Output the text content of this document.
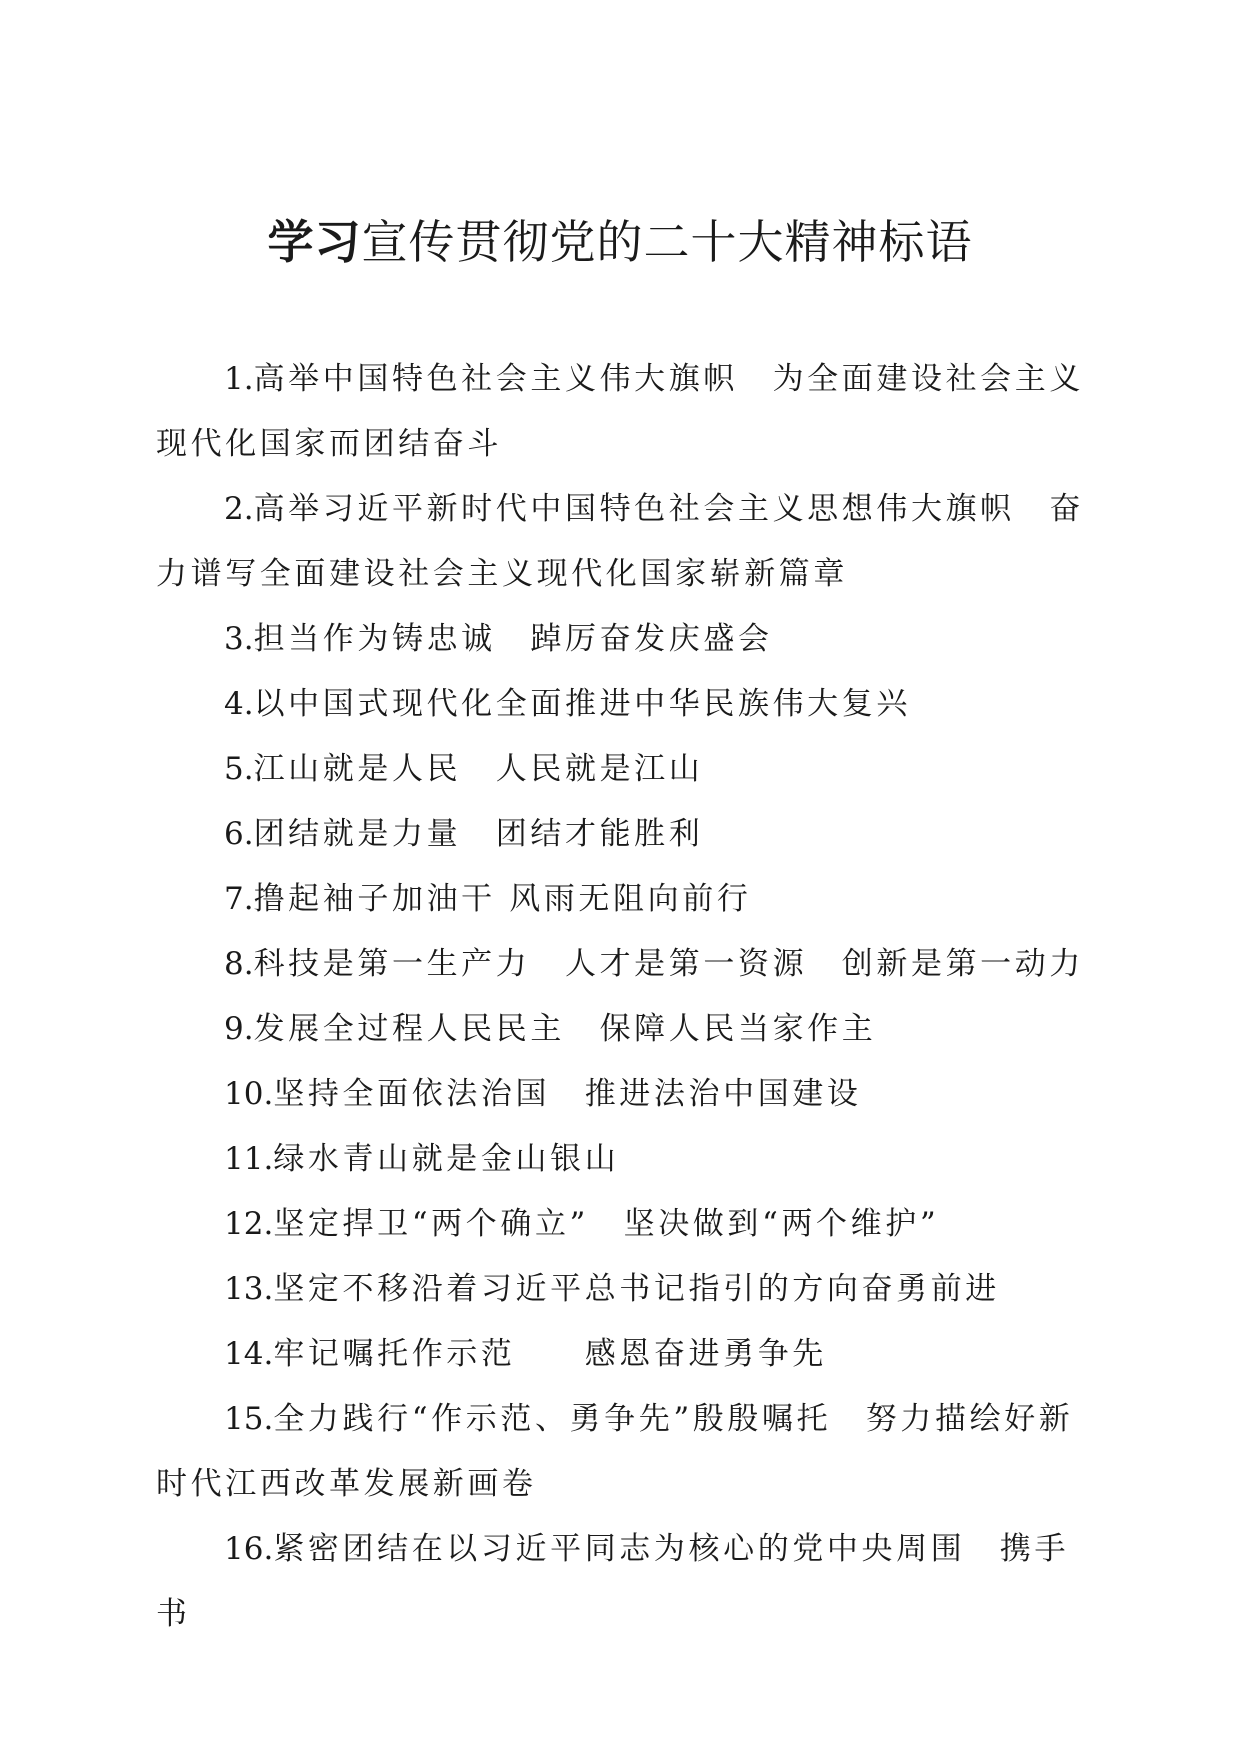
学习宣传贯彻党的二十大精神标语
1.高举中国特色社会主义伟大旗帜　为全面建设社会主义现代化国家而团结奋斗
2.高举习近平新时代中国特色社会主义思想伟大旗帜　奋力谱写全面建设社会主义现代化国家崭新篇章
3.担当作为铸忠诚　踔厉奋发庆盛会
4.以中国式现代化全面推进中华民族伟大复兴
5.江山就是人民　人民就是江山
6.团结就是力量　团结才能胜利
7.撸起袖子加油干 风雨无阻向前行
8.科技是第一生产力　人才是第一资源　创新是第一动力
9.发展全过程人民民主　保障人民当家作主
10.坚持全面依法治国　推进法治中国建设
11.绿水青山就是金山银山
12.坚定捍卫“两个确立”　坚决做到“两个维护”
13.坚定不移沿着习近平总书记指引的方向奋勇前进
14.牢记嘱托作示范　　感恩奋进勇争先
15.全力践行“作示范、勇争先”殷殷嘱托　努力描绘好新时代江西改革发展新画卷
16.紧密团结在以习近平同志为核心的党中央周围　携手书
